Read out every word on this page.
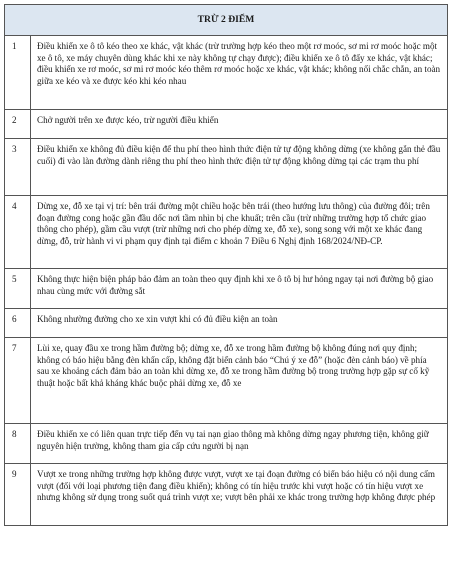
TRỪ 2 ĐIỂM	
1	Điều khiển xe ô tô kéo theo xe khác, vật khác (trừ trường hợp kéo theo một rơ moóc, sơ mi rơ moóc hoặc một xe ô tô, xe máy chuyên dùng khác khi xe này không tự chạy được); điều khiển xe ô tô đẩy xe khác, vật khác; điều khiển xe rơ moóc, sơ mi rơ moóc kéo thêm rơ moóc hoặc xe khác, vật khác; không nối chắc chắn, an toàn giữa xe kéo và xe được kéo khi kéo nhau
2	Chở người trên xe được kéo, trừ người điều khiển
3	Điều khiển xe không đủ điều kiện để thu phí theo hình thức điện tử tự động không dừng (xe không gắn thẻ đầu cuối) đi vào làn đường dành riêng thu phí theo hình thức điện tử tự động không dừng tại các trạm thu phí
4	Dừng xe, đỗ xe tại vị trí: bên trái đường một chiều hoặc bên trái (theo hướng lưu thông) của đường đôi; trên đoạn đường cong hoặc gần đầu dốc nơi tầm nhìn bị che khuất; trên cầu (trừ những trường hợp tổ chức giao thông cho phép), gầm cầu vượt (trừ những nơi cho phép dừng xe, đỗ xe), song song với một xe khác đang dừng, đỗ, trừ hành vi vi phạm quy định tại điểm c khoản 7 Điều 6 Nghị định 168/2024/NĐ-CP.
5	Không thực hiện biện pháp bảo đảm an toàn theo quy định khi xe ô tô bị hư hỏng ngay tại nơi đường bộ giao nhau cùng mức với đường sắt
6	Không nhường đường cho xe xin vượt khi có đủ điều kiện an toàn
7	Lùi xe, quay đầu xe trong hầm đường bộ; dừng xe, đỗ xe trong hầm đường bộ không đúng nơi quy định; không có báo hiệu bằng đèn khẩn cấp, không đặt biển cảnh báo “Chú ý xe đỗ” (hoặc đèn cảnh báo) về phía sau xe khoảng cách đảm bảo an toàn khi dừng xe, đỗ xe trong hầm đường bộ trong trường hợp gặp sự cố kỹ thuật hoặc bất khả kháng khác buộc phải dừng xe, đỗ xe
8	Điều khiển xe có liên quan trực tiếp đến vụ tai nạn giao thông mà không dừng ngay phương tiện, không giữ nguyên hiện trường, không tham gia cấp cứu người bị nạn
9	Vượt xe trong những trường hợp không được vượt, vượt xe tại đoạn đường có biển báo hiệu có nội dung cấm vượt (đối với loại phương tiện đang điều khiển); không có tín hiệu trước khi vượt hoặc có tín hiệu vượt xe nhưng không sử dụng trong suốt quá trình vượt xe; vượt bên phải xe khác trong trường hợp không được phép
